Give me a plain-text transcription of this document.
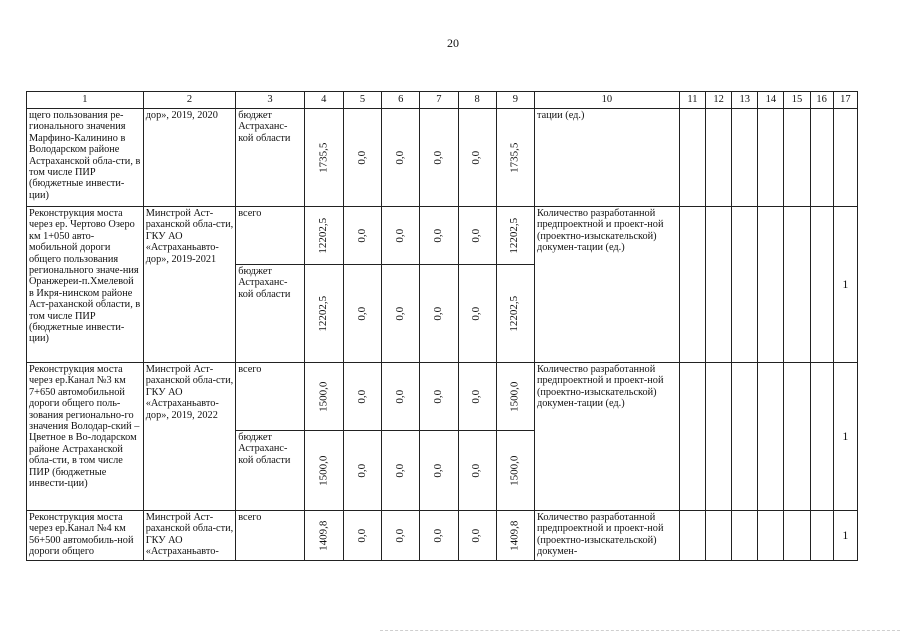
20
1	2	3	4	5	6	7	8	9	10	11	12	13	14	15	16	17
щего пользования ре-гионального значения Марфино-Калинино в Володарском районе Астраханской обла-сти, в том числе ПИР (бюджетные инвести-ции)	дор», 2019, 2020	бюджет Астраханс-кой области	1735,5	0,0	0,0	0,0	0,0	1735,5	тации (ед.)							
Реконструкция моста через ер. Чертово Озеро км 1+050 авто-мобильной дороги общего пользования регионального значе-ния Оранжереи-п.Хмелевой в Икря-нинском районе Аст-раханской области, в том числе ПИР (бюджетные инвести-ции)	Минстрой Аст-раханской обла-сти, ГКУ АО «Астраханьавто-дор», 2019-2021	всего	12202,5	0,0	0,0	0,0	0,0	12202,5	Количество разработанной предпроектной и проект-ной (проектно-изыскательской) докумен-тации (ед.)							1
		бюджет Астраханс-кой области	12202,5	0,0	0,0	0,0	0,0	12202,5								
Реконструкция моста через ер.Канал №3 км 7+650 автомобильной дороги общего поль-зования регионально-го значения Володар-ский –Цветное в Во-лодарском районе Астраханской обла-сти, в том числе ПИР (бюджетные инвести-ции)	Минстрой Аст-раханской обла-сти, ГКУ АО «Астраханьавто-дор», 2019, 2022	всего	1500,0	0,0	0,0	0,0	0,0	1500,0	Количество разработанной предпроектной и проект-ной (проектно-изыскательской) докумен-тации (ед.)							1
		бюджет Астраханс-кой области	1500,0	0,0	0,0	0,0	0,0	1500,0								
Реконструкция моста через ер.Канал №4 км 56+500 автомобиль-ной дороги общего	Минстрой Аст-раханской обла-сти, ГКУ АО «Астраханьавто-	всего	1409,8	0,0	0,0	0,0	0,0	1409,8	Количество разработанной предпроектной и проект-ной (проектно-изыскательской) докумен-							1
